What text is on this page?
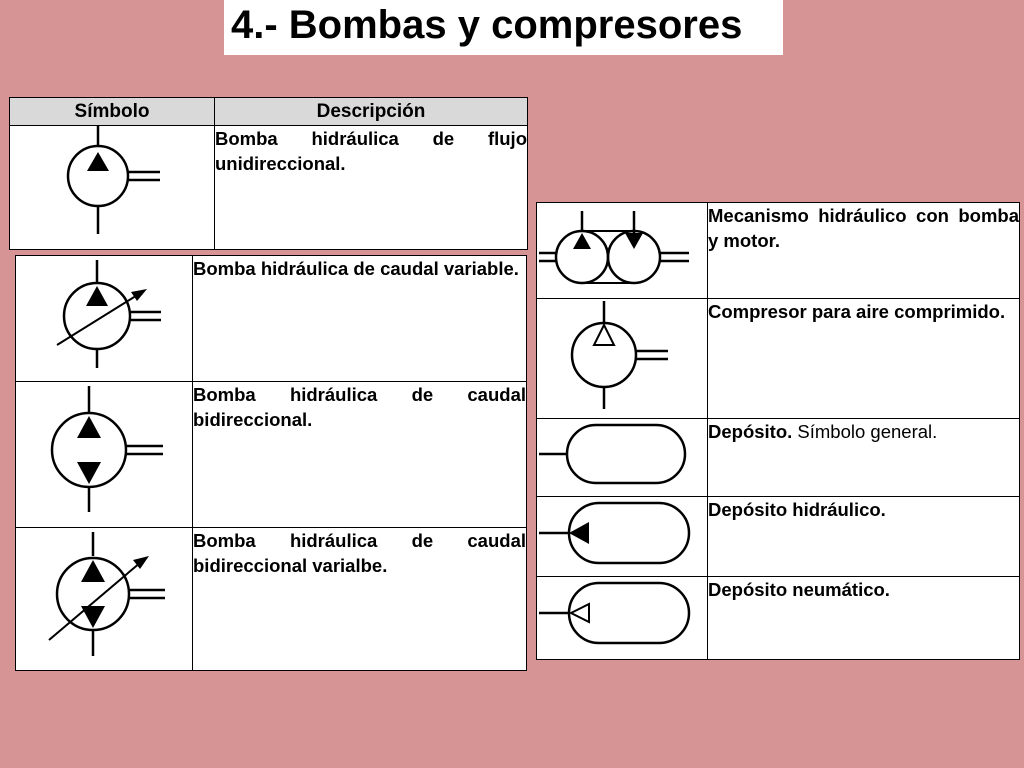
4.- Bombas y compresores
Símbolo	Descripción

	Bomba hidráulica de flujo unidireccional.
	Bomba hidráulica de caudal variable.

	Bomba hidráulica de caudal bidireccional.

	Bomba hidráulica de caudal bidireccional varialbe.
	Mecanismo hidráulico con bomba y motor.

	Compresor para aire comprimido.

	Depósito. Símbolo general.

	Depósito hidráulico.

	Depósito neumático.
